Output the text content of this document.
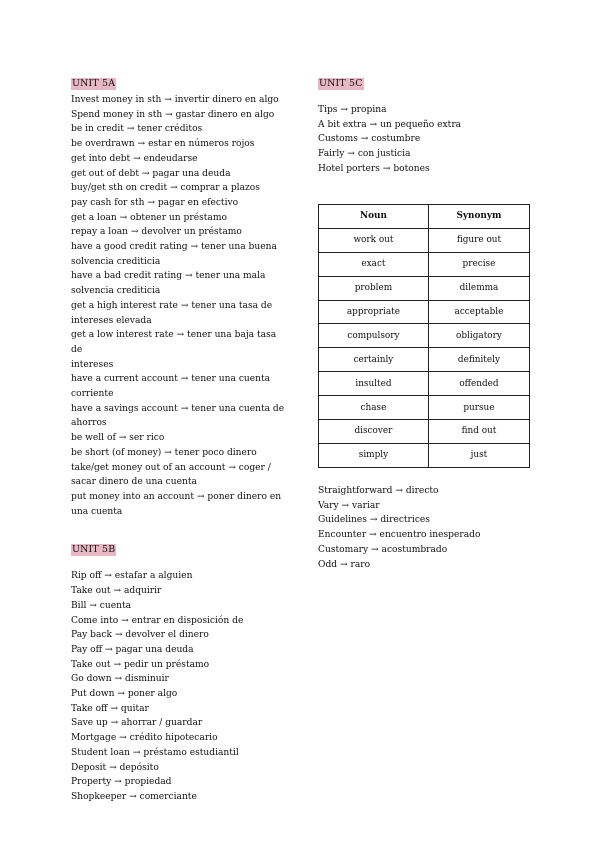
UNIT 5A
Invest money in sth → invertir dinero en algo
Spend money in sth → gastar dinero en algo
be in credit → tener créditos
be overdrawn → estar en números rojos
get into debt → endeudarse
get out of debt → pagar una deuda
buy/get sth on credit → comprar a plazos
pay cash for sth → pagar en efectivo
get a loan → obtener un préstamo
repay a loan → devolver un préstamo
have a good credit rating → tener una buena
solvencia crediticia
have a bad credit rating → tener una mala
solvencia crediticia
get a high interest rate → tener una tasa de
intereses elevada
get a low interest rate → tener una baja tasa de
intereses
have a current account → tener una cuenta
corriente
have a savings account → tener una cuenta de
ahorros
be well of → ser rico
be short (of money) → tener poco dinero
take/get money out of an account → coger /
sacar dinero de una cuenta
put money into an account → poner dinero en
una cuenta
UNIT 5B
Rip off → estafar a alguien
Take out → adquirir
Bill → cuenta
Come into → entrar en disposición de
Pay back → devolver el dinero
Pay off → pagar una deuda
Take out → pedir un préstamo
Go down → disminuir
Put down → poner algo
Take off → quitar
Save up → ahorrar / guardar
Mortgage → crédito hipotecario
Student loan → préstamo estudiantil
Deposit → depósito
Property → propiedad
Shopkeeper → comerciante
UNIT 5C
Tips → propina
A bit extra → un pequeño extra
Customs → costumbre
Fairly → con justicia
Hotel porters → botones
Noun	Synonym
work out	figure out
exact	precise
problem	dilemma
appropriate	acceptable
compulsory	obligatory
certainly	definitely
insulted	offended
chase	pursue
discover	find out
simply	just
Straightforward → directo
Vary → variar
Guidelines → directrices
Encounter → encuentro inesperado
Customary → acostumbrado
Odd → raro
